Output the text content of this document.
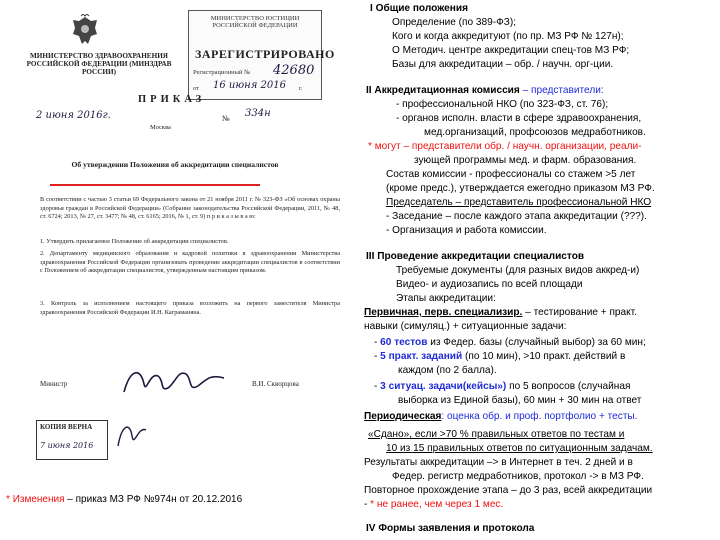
МИНИСТЕРСТВО ЗДРАВООХРАНЕНИЯ РОССИЙСКОЙ ФЕДЕРАЦИИ (МИНЗДРАВ РОССИИ)
МИНИСТЕРСТВО ЮСТИЦИИ РОССИЙСКОЙ ФЕДЕРАЦИИ
ЗАРЕГИСТРИРОВАНО
Регистрационный № 42680
от 16 июня 2016 г.
ПРИКАЗ
2 июня 2016г.	№ 334н
Москва
Об утверждении Положения об аккредитации специалистов
В соответствии с частью 3 статьи 69 Федерального закона от 21 ноября 2011 г. № 323-ФЗ «Об основах охраны здоровья граждан в Российской Федерации» (Собрание законодательства Российской Федерации, 2011, № 48, ст. 6724; 2013, № 27, ст. 3477; № 48, ст. 6165; 2016, № 1, ст. 9) п р и к а з ы в а ю:
1. Утвердить прилагаемое Положение об аккредитации специалистов.
2. Департаменту медицинского образования и кадровой политики в здравоохранении Министерства здравоохранения Российской Федерации организовать проведение аккредитации специалистов в соответствии с Положением об аккредитации специалистов, утвержденным настоящим приказом.
3. Контроль за исполнением настоящего приказа возложить на первого заместителя Министра здравоохранения Российской Федерации И.Н. Каграманяна.
Министр	В.И. Скворцова
КОПИЯ ВЕРНА
7 июня 2016
* Изменения – приказ МЗ РФ №974н от 20.12.2016
I Общие положения
Определение (по 389-ФЗ);
Кого и когда аккредитуют (по пр. МЗ РФ № 127н);
О Методич. центре аккредитации спец-тов МЗ РФ;
Базы для аккредитации – обр. / научн. орг-ции.
II Аккредитационная комиссия – представители:
- профессиональной НКО (по 323-ФЗ, ст. 76);
- органов исполн. власти в сфере здравоохранения,
мед.организаций, профсоюзов медработников.
* могут – представители обр. / научн. организации, реали-
зующей программы мед. и фарм. образования.
Состав комиссии - профессионалы со стажем >5 лет
(кроме предс.), утверждается ежегодно приказом МЗ РФ.
Председатель – представитель профессиональной НКО
- Заседание – после каждого этапа аккредитации (???).
- Организация и работа комиссии.
III Проведение аккредитации специалистов
Требуемые документы (для разных видов аккред-и)
Видео- и аудиозапись по всей площади
Этапы аккредитации:
Первичная, перв. специализир. – тестирование + практ.
навыки (симуляц.) + ситуационные задачи:
- 60 тестов из Федер. базы (случайный выбор) за 60 мин;
- 5 практ. заданий (по 10 мин), >10 практ. действий в
каждом (по 2 балла).
- 3 ситуац. задачи(кейсы») по 5 вопросов (случайная
выборка из Единой базы), 60 мин + 30 мин на ответ
Периодическая: оценка обр. и проф. портфолио + тесты.
«Сдано», если >70 % правильных ответов по тестам и
10 из 15 правильных ответов по ситуационным задачам.
Результаты аккредитации –> в Интернет в теч. 2 дней и в
Федер. регистр медработников, протокол -> в МЗ РФ.
Повторное прохождение этапа – до 3 раз, всей аккредитации
- * не ранее, чем через 1 мес.
IV Формы заявления и протокола
